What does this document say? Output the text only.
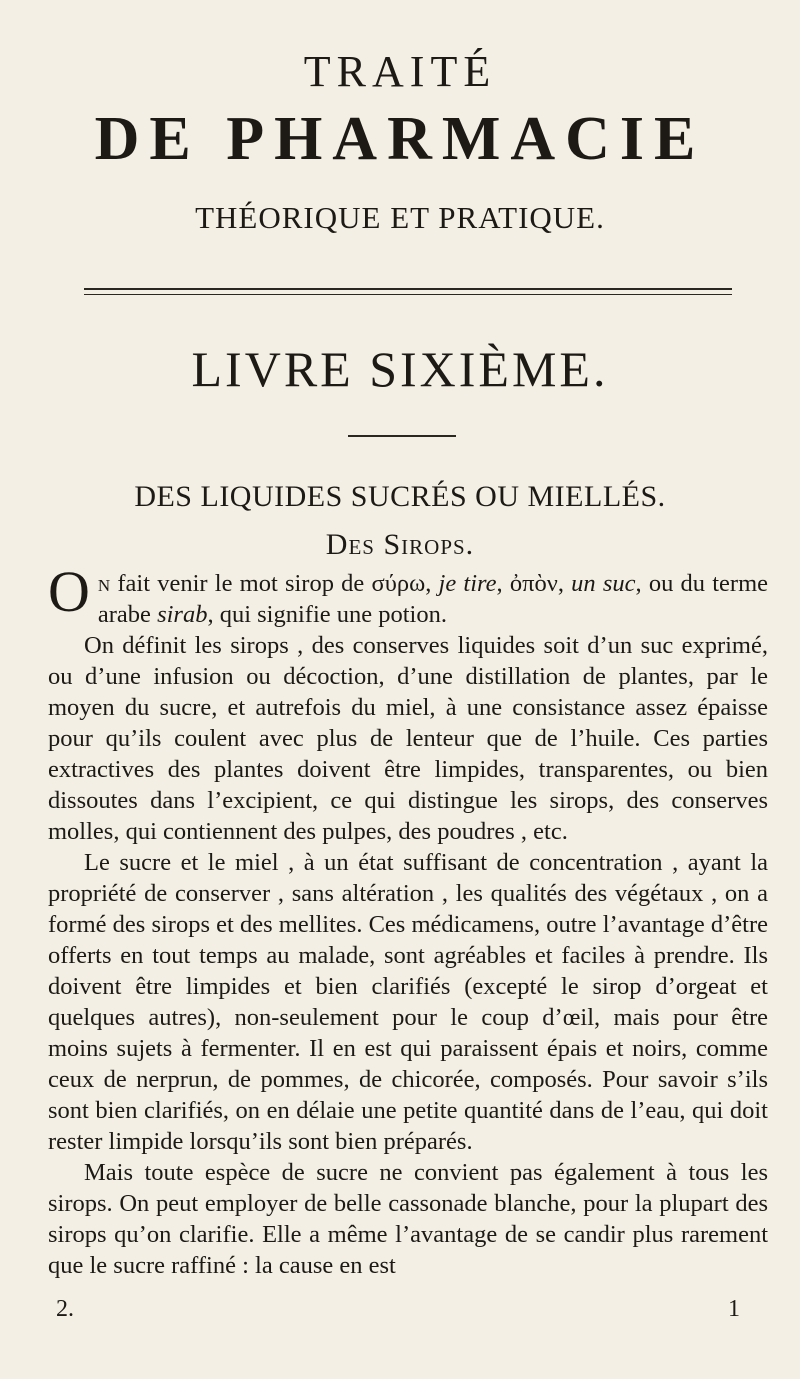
TRAITÉ
DE PHARMACIE
THÉORIQUE ET PRATIQUE.
LIVRE SIXIÈME.
DES LIQUIDES SUCRÉS OU MIELLÉS.
Des Sirops.

On fait venir le mot sirop de σύρω, je tire, ὀπὸν, un suc, ou du terme arabe sirab, qui signifie une potion.

On définit les sirops , des conserves liquides soit d’un suc exprimé, ou d’une infusion ou décoction, d’une distillation de plantes, par le moyen du sucre, et autrefois du miel, à une consistance assez épaisse pour qu’ils coulent avec plus de lenteur que de l’huile. Ces parties extractives des plantes doivent être limpides, transparentes, ou bien dissoutes dans l’excipient, ce qui distingue les sirops, des conserves molles, qui contiennent des pulpes, des poudres , etc.

Le sucre et le miel , à un état suffisant de concentration , ayant la propriété de conserver , sans altération , les qualités des végétaux , on a formé des sirops et des mellites. Ces médicamens, outre l’avantage d’être offerts en tout temps au malade, sont agréables et faciles à prendre. Ils doivent être limpides et bien clarifiés (excepté le sirop d’orgeat et quelques autres), non-seulement pour le coup d’œil, mais pour être moins sujets à fermenter. Il en est qui paraissent épais et noirs, comme ceux de nerprun, de pommes, de chicorée, composés. Pour savoir s’ils sont bien clarifiés, on en délaie une petite quantité dans de l’eau, qui doit rester limpide lorsqu’ils sont bien préparés.

Mais toute espèce de sucre ne convient pas également à tous les sirops. On peut employer de belle cassonade blanche, pour la plupart des sirops qu’on clarifie. Elle a même l’avantage de se candir plus rarement que le sucre raffiné : la cause en est

2.	1
